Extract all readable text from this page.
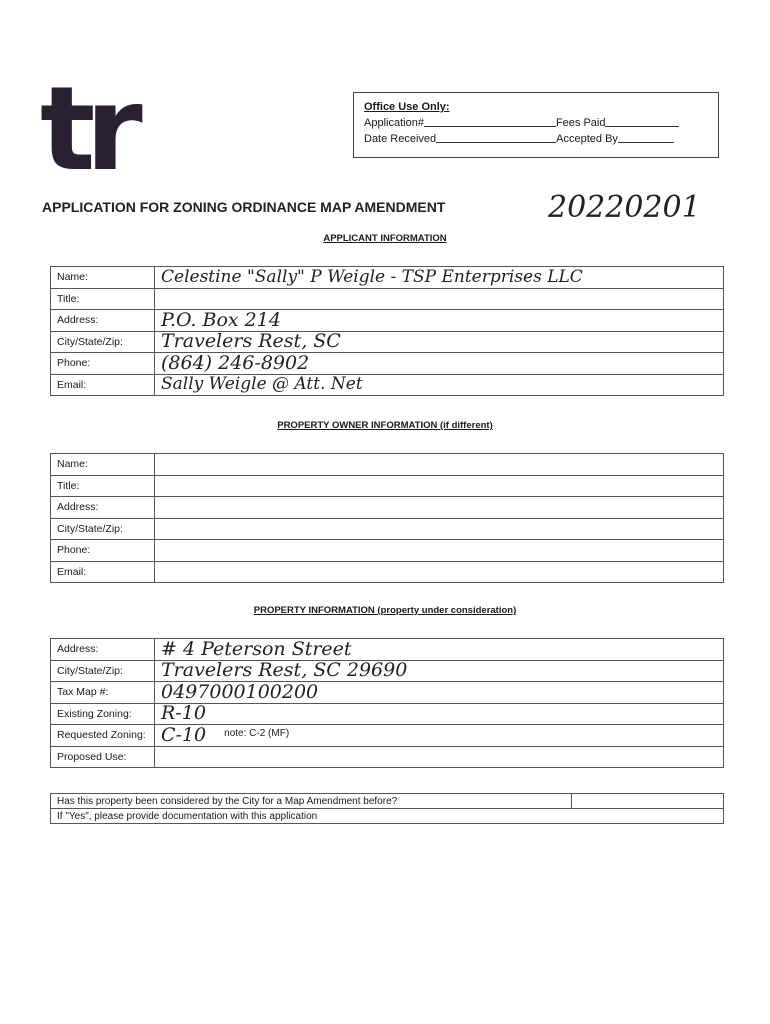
tr	Office Use Only:
Application#	Fees Paid
Date Received	Accepted By
APPLICATION FOR ZONING ORDINANCE MAP AMENDMENT	20220201
APPLICANT INFORMATION
Name:	Celestine "Sally" P Weigle - TSP Enterprises LLC
Title:	
Address:	P.O. Box 214
City/State/Zip:	Travelers Rest, SC
Phone:	(864) 246-8902
Email:	Sally Weigle @ Att. Net
PROPERTY OWNER INFORMATION (if different)
Name:	
Title:	
Address:	
City/State/Zip:	
Phone:	
Email:	
PROPERTY INFORMATION (property under consideration)
Address:	# 4 Peterson Street
City/State/Zip:	Travelers Rest, SC 29690
Tax Map #:	0497000100200
Existing Zoning:	R-10
Requested Zoning:	C-10 note: C-2 (MF)
Proposed Use:	
Has this property been considered by the City for a Map Amendment before?	
If "Yes", please provide documentation with this application
